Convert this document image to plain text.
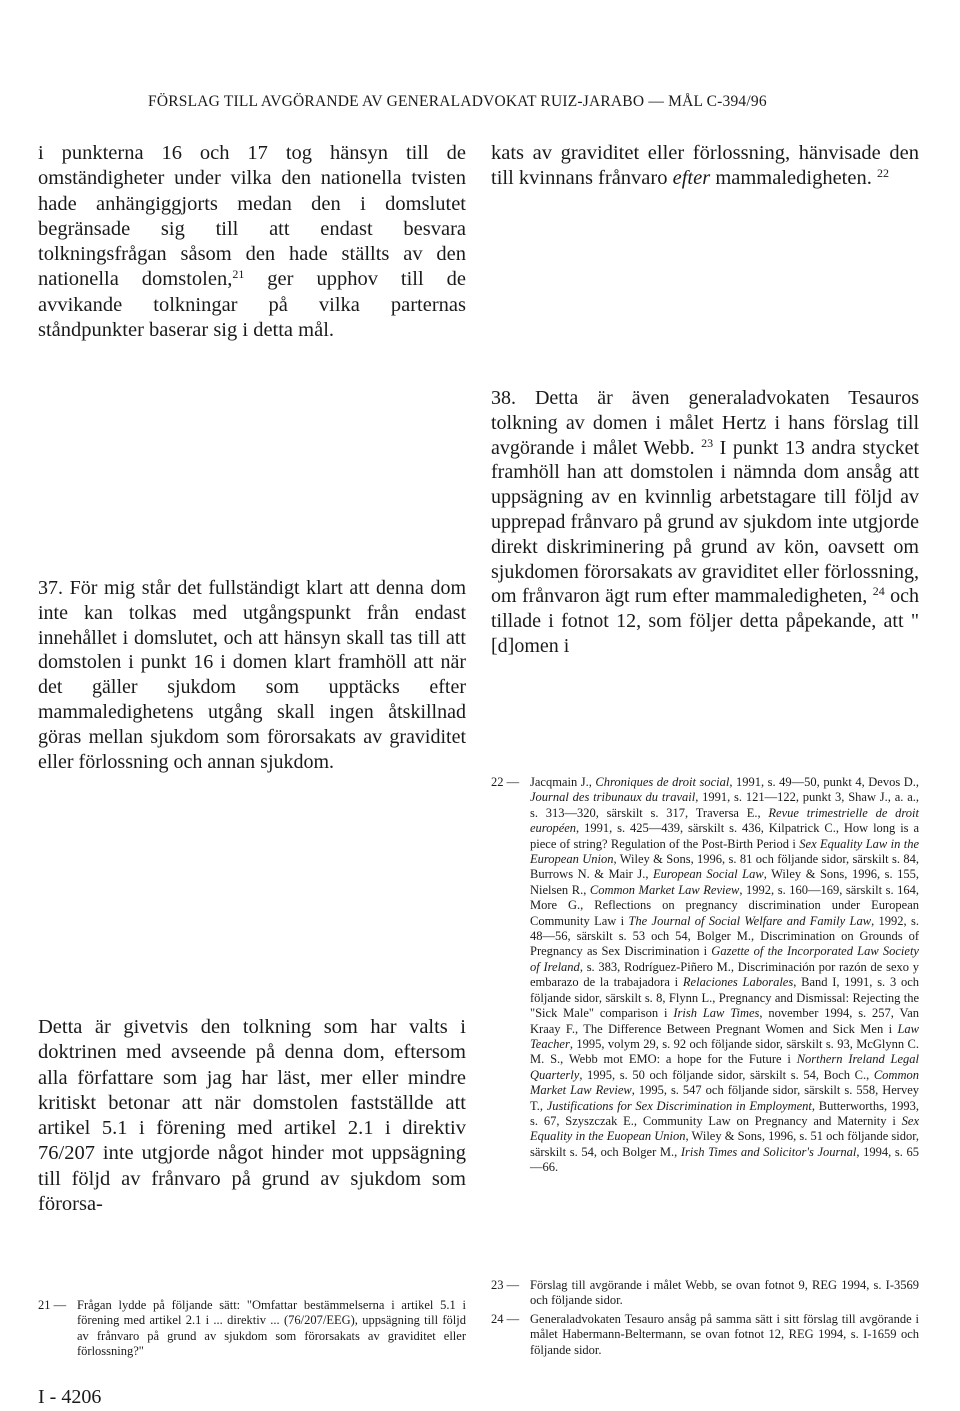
FÖRSLAG TILL AVGÖRANDE AV GENERALADVOKAT RUIZ-JARABO — MÅL C-394/96
i punkterna 16 och 17 tog hänsyn till de omständigheter under vilka den nationella tvisten hade anhängiggjorts medan den i domslutet begränsade sig till att endast besvara tolkningsfrågan såsom den hade ställts av den nationella domstolen,$^{21}$ ger upphov till de avvikande tolkningar på vilka parternas ståndpunkter baserar sig i detta mål.
37. För mig står det fullständigt klart att denna dom inte kan tolkas med utgångspunkt från endast innehållet i domslutet, och att hänsyn skall tas till att domstolen i punkt 16 i domen klart framhöll att när det gäller sjukdom som upptäcks efter mammaledighetens utgång skall ingen åtskillnad göras mellan sjukdom som förorsakats av graviditet eller förlossning och annan sjukdom.
Detta är givetvis den tolkning som har valts i doktrinen med avseende på denna dom, eftersom alla författare som jag har läst, mer eller mindre kritiskt betonar att när domstolen fastställde att artikel 5.1 i förening med artikel 2.1 i direktiv 76/207 inte utgjorde något hinder mot uppsägning till följd av frånvaro på grund av sjukdom som förorsa-
21 — Frågan lydde på följande sätt: "Omfattar bestämmelserna i artikel 5.1 i förening med artikel 2.1 i ... direktiv ... (76/207/EEG), uppsägning till följd av frånvaro på grund av sjukdom som förorsakats av graviditet eller förlossning?"
I - 4206
kats av graviditet eller förlossning, hänvisade den till kvinnans frånvaro efter mammaledigheten. $^{22}$
38. Detta är även generaladvokaten Tesauros tolkning av domen i målet Hertz i hans förslag till avgörande i målet Webb. $^{23}$ I punkt 13 andra stycket framhöll han att domstolen i nämnda dom ansåg att uppsägning av en kvinnlig arbetstagare till följd av upprepad frånvaro på grund av sjukdom inte utgjorde direkt diskriminering på grund av kön, oavsett om sjukdomen förorsakats av graviditet eller förlossning, om frånvaron ägt rum efter mammaledigheten, $^{24}$ och tillade i fotnot 12, som följer detta påpekande, att "[d]omen i
22 — Jacqmain J., Chroniques de droit social, 1991, s. 49—50, punkt 4, Devos D., Journal des tribunaux du travail, 1991, s. 121—122, punkt 3, Shaw J., a. a., s. 313—320, särskilt s. 317, Traversa E., Revue trimestrielle de droit européen, 1991, s. 425—439, särskilt s. 436, Kilpatrick C., How long is a piece of string? Regulation of the Post-Birth Period i Sex Equality Law in the European Union, Wiley & Sons, 1996, s. 81 och följande sidor, särskilt s. 84, Burrows N. & Mair J., European Social Law, Wiley & Sons, 1996, s. 155, Nielsen R., Common Market Law Review, 1992, s. 160—169, särskilt s. 164, More G., Reflections on pregnancy discrimination under European Community Law i The Journal of Social Welfare and Family Law, 1992, s. 48—56, särskilt s. 53 och 54, Bolger M., Discrimination on Grounds of Pregnancy as Sex Discrimination i Gazette of the Incorporated Law Society of Ireland, s. 383, Rodríguez-Piñero M., Discriminación por razón de sexo y embarazo de la trabajadora i Relaciones Laborales, Band I, 1991, s. 3 och följande sidor, särskilt s. 8, Flynn L., Pregnancy and Dismissal: Rejecting the "Sick Male" comparison i Irish Law Times, november 1994, s. 257, Van Kraay F., The Difference Between Pregnant Women and Sick Men i Law Teacher, 1995, volym 29, s. 92 och följande sidor, särskilt s. 93, McGlynn C. M. S., Webb mot EMO: a hope for the Future i Northern Ireland Legal Quarterly, 1995, s. 50 och följande sidor, särskilt s. 54, Boch C., Common Market Law Review, 1995, s. 547 och följande sidor, särskilt s. 558, Hervey T., Justifications for Sex Discrimination in Employment, Butterworths, 1993, s. 67, Szyszczak E., Community Law on Pregnancy and Maternity i Sex Equality in the Euopean Union, Wiley & Sons, 1996, s. 51 och följande sidor, särskilt s. 54, och Bolger M., Irish Times and Solicitor's Journal, 1994, s. 65—66.
23 — Förslag till avgörande i målet Webb, se ovan fotnot 9, REG 1994, s. I-3569 och följande sidor.
24 — Generaladvokaten Tesauro ansåg på samma sätt i sitt förslag till avgörande i målet Habermann-Beltermann, se ovan fotnot 12, REG 1994, s. I-1659 och följande sidor.
